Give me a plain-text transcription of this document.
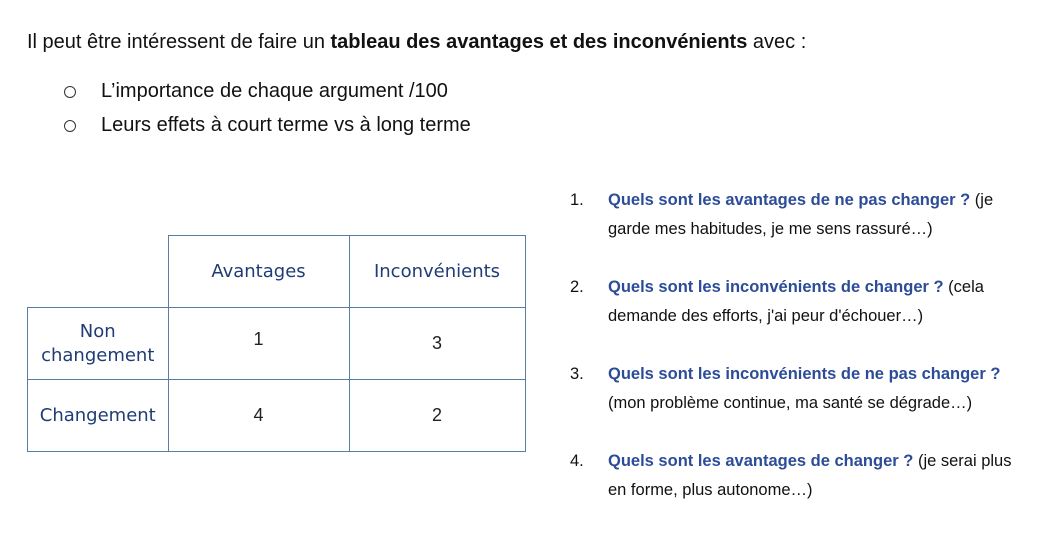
Il peut être intéressent de faire un tableau des avantages et des inconvénients avec :
L’importance de chaque argument /100
Leurs effets à court terme vs à long terme
	Avantages	Inconvénients

Non
changement	1	3

Changement	4	2
1. Quels sont les avantages de ne pas changer ? (je garde mes habitudes, je me sens rassuré…)
2. Quels sont les inconvénients de changer ? (cela demande des efforts, j'ai peur d'échouer…)
3. Quels sont les inconvénients de ne pas changer ? (mon problème continue, ma santé se dégrade…)
4. Quels sont les avantages de changer ? (je serai plus en forme, plus autonome…)
